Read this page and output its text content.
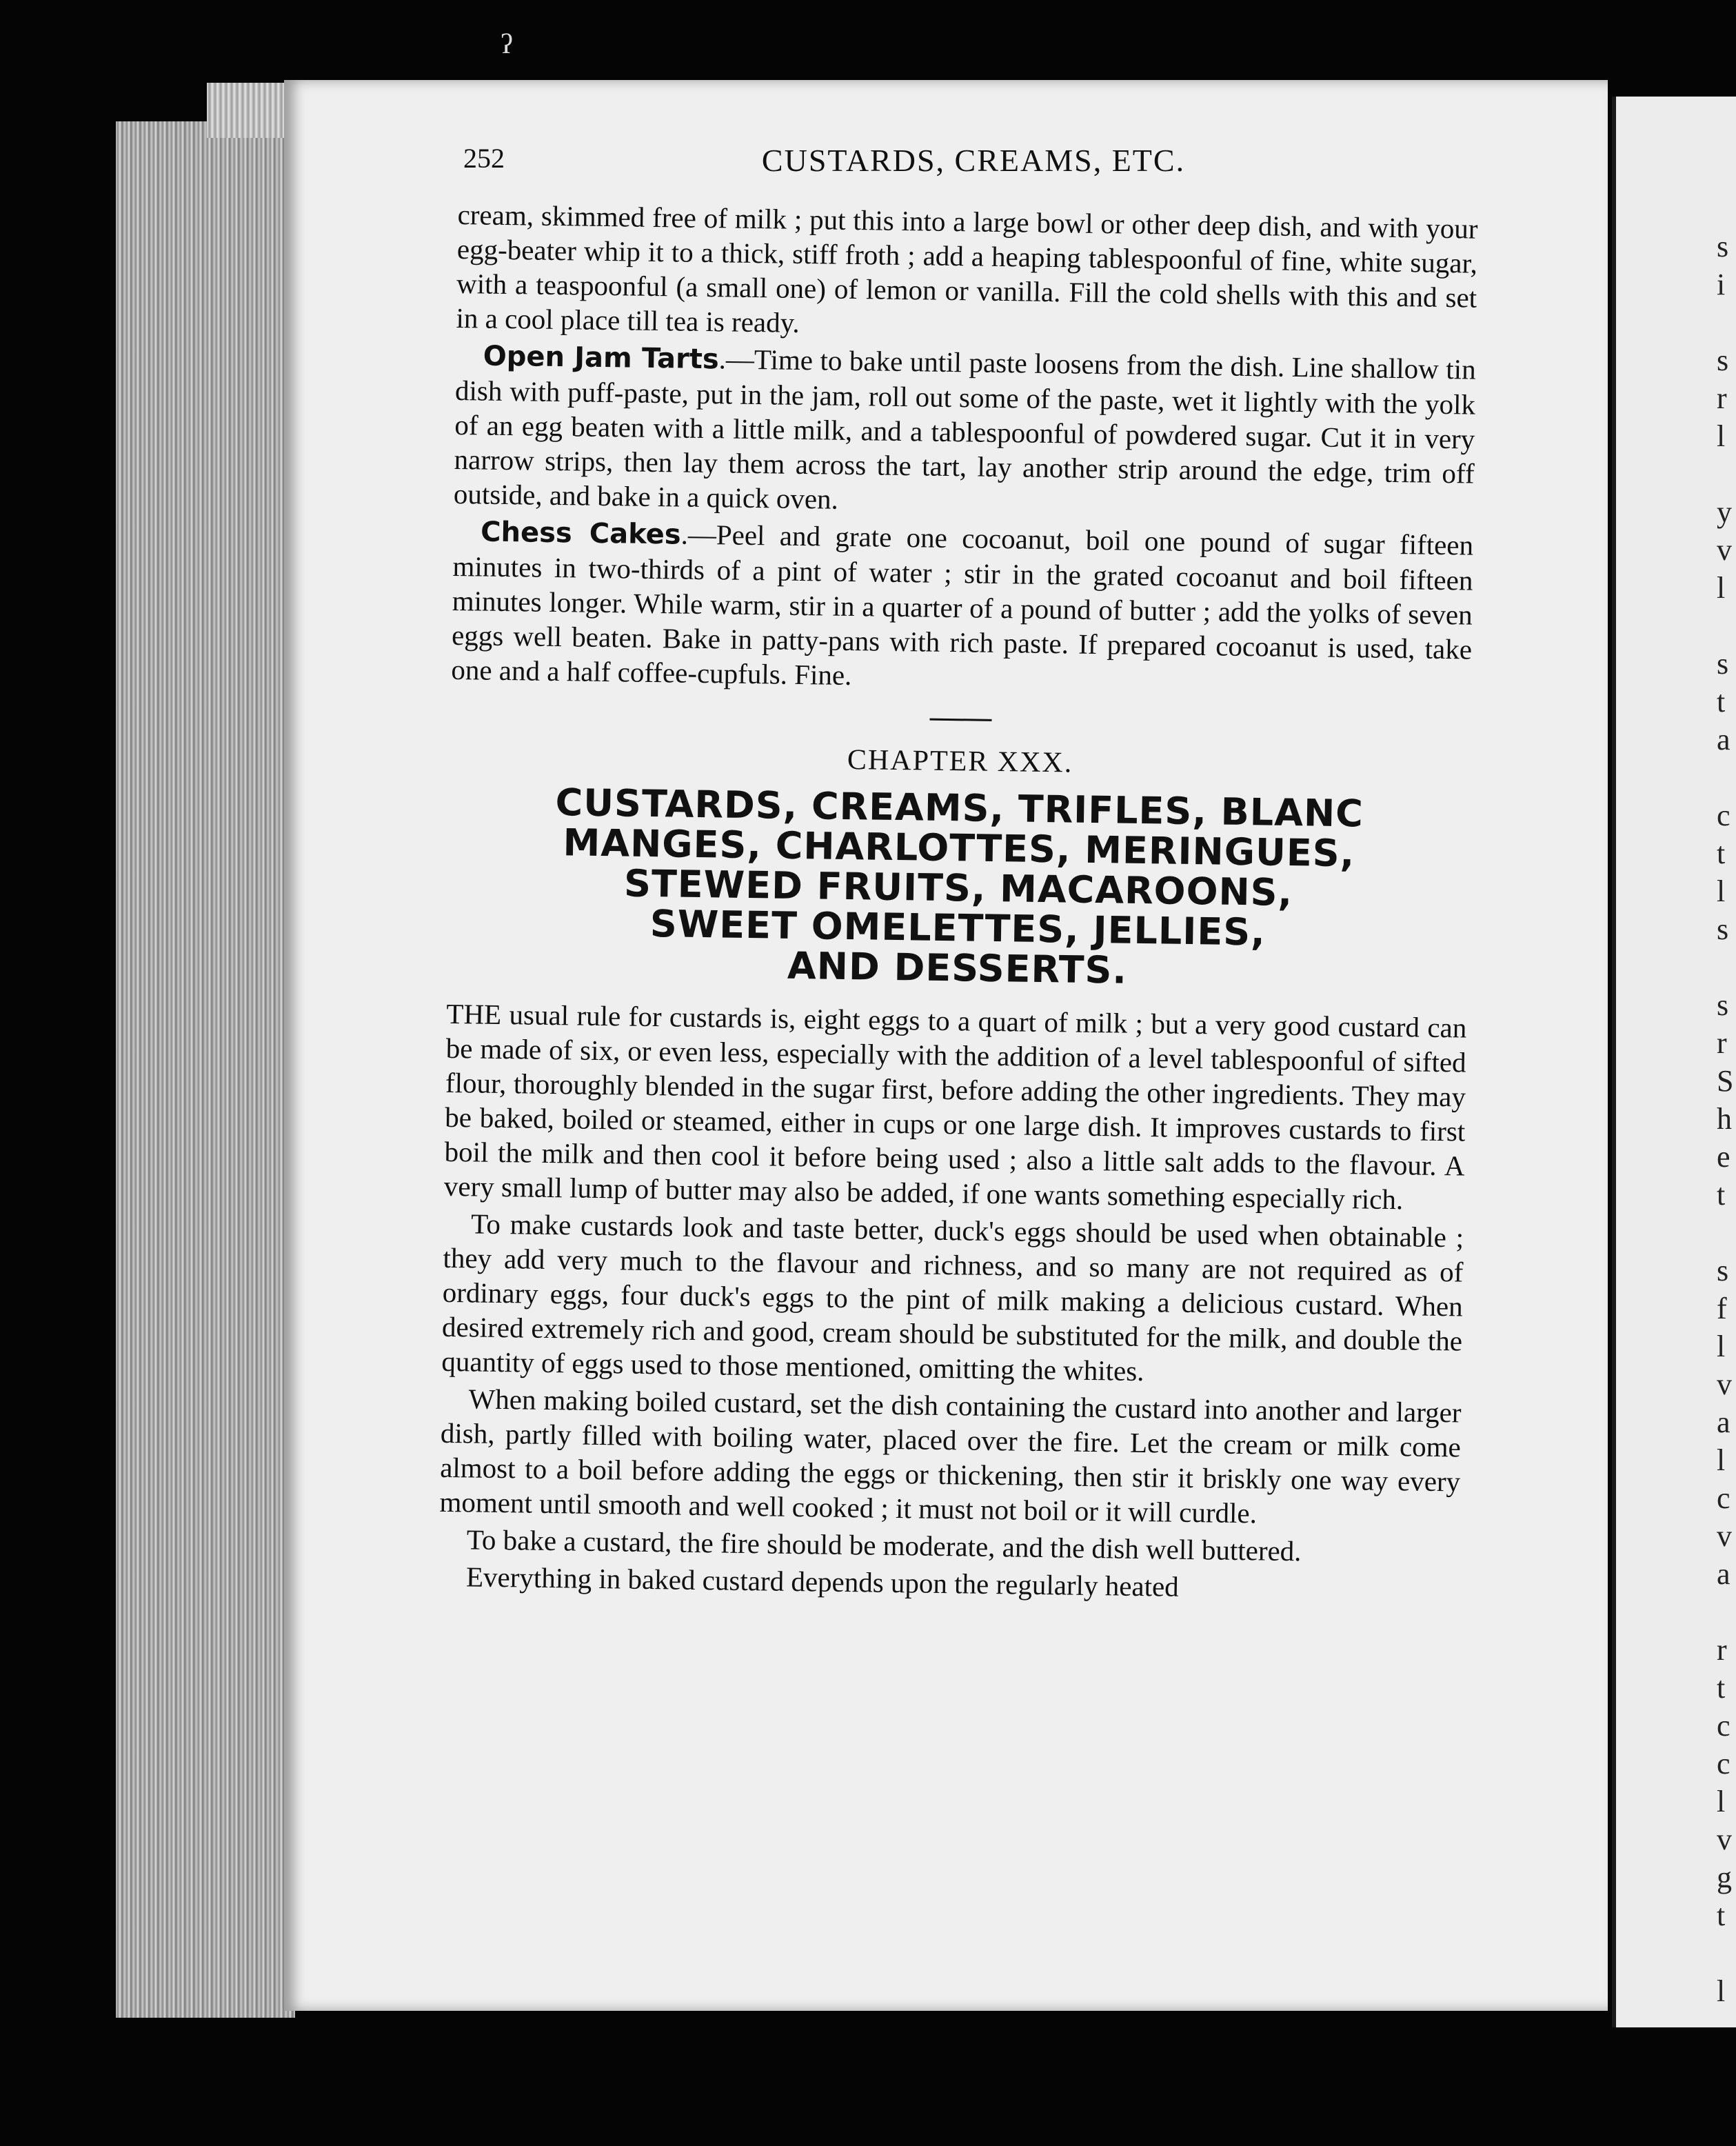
ʔ
252	CUSTARDS, CREAMS, ETC.

cream, skimmed free of milk ; put this into a large bowl or other deep dish, and with your egg-beater whip it to a thick, stiff froth ; add a heaping tablespoonful of fine, white sugar, with a teaspoonful (a small one) of lemon or vanilla. Fill the cold shells with this and set in a cool place till tea is ready.

Open Jam Tarts.—Time to bake until paste loosens from the dish. Line shallow tin dish with puff-paste, put in the jam, roll out some of the paste, wet it lightly with the yolk of an egg beaten with a little milk, and a tablespoonful of powdered sugar. Cut it in very narrow strips, then lay them across the tart, lay another strip around the edge, trim off outside, and bake in a quick oven.

Chess Cakes.—Peel and grate one cocoanut, boil one pound of sugar fifteen minutes in two-thirds of a pint of water ; stir in the grated cocoanut and boil fifteen minutes longer. While warm, stir in a quarter of a pound of butter ; add the yolks of seven eggs well beaten. Bake in patty-pans with rich paste. If prepared cocoanut is used, take one and a half coffee-cupfuls. Fine.

CHAPTER XXX.
CUSTARDS, CREAMS, TRIFLES, BLANC
MANGES, CHARLOTTES, MERINGUES,
STEWED FRUITS, MACAROONS,
SWEET OMELETTES, JELLIES,
AND DESSERTS.

THE usual rule for custards is, eight eggs to a quart of milk ; but a very good custard can be made of six, or even less, especially with the addition of a level tablespoonful of sifted flour, thoroughly blended in the sugar first, before adding the other ingredients. They may be baked, boiled or steamed, either in cups or one large dish. It improves custards to first boil the milk and then cool it before being used ; also a little salt adds to the flavour. A very small lump of butter may also be added, if one wants something especially rich.

To make custards look and taste better, duck's eggs should be used when obtainable ; they add very much to the flavour and richness, and so many are not required as of ordinary eggs, four duck's eggs to the pint of milk making a delicious custard. When desired extremely rich and good, cream should be substituted for the milk, and double the quantity of eggs used to those mentioned, omitting the whites.

When making boiled custard, set the dish containing the custard into another and larger dish, partly filled with boiling water, placed over the fire. Let the cream or milk come almost to a boil before adding the eggs or thickening, then stir it briskly one way every moment until smooth and well cooked ; it must not boil or it will curdle.

To bake a custard, the fire should be moderate, and the dish well buttered.

Everything in baked custard depends upon the regularly heated

s
i

s
r
l

y
v
l

s
t
a

c
t
l
s

s
r
S
h
e
t

s
f
l
v
a
l
c
v
a

r
t
c
c
l
v
g
t

l
